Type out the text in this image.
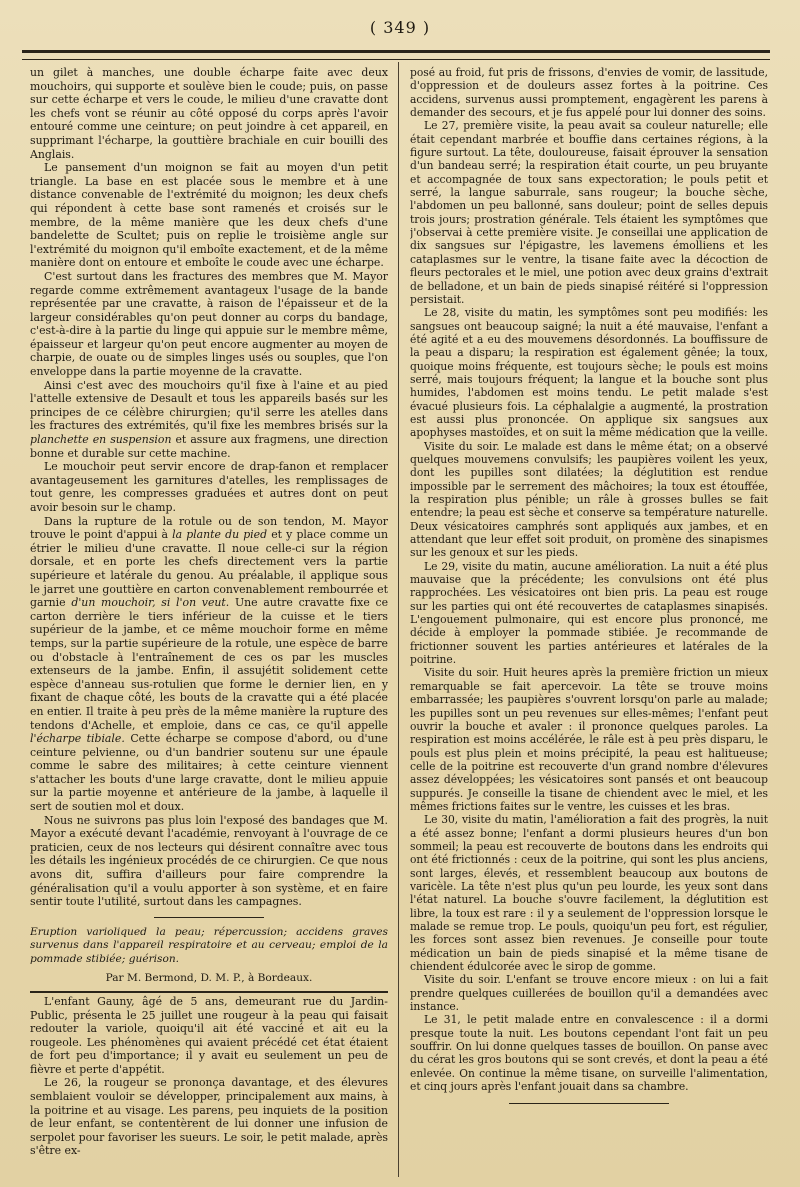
( 349 )

un gilet à manches, une double écharpe faite avec deux mouchoirs, qui supporte et soulève bien le coude; puis, on passe sur cette écharpe et vers le coude, le milieu d'une cravatte dont les chefs vont se réunir au côté opposé du corps après l'avoir entouré comme une ceinture; on peut joindre à cet appareil, en supprimant l'écharpe, la gouttière brachiale en cuir bouilli des Anglais.

Le pansement d'un moignon se fait au moyen d'un petit triangle. La base en est placée sous le membre et à une distance convenable de l'extrémité du moignon; les deux chefs qui répondent à cette base sont ramenés et croisés sur le membre, de la même manière que les deux chefs d'une bandelette de Scultet; puis on replie le troisième angle sur l'extrémité du moignon qu'il emboîte exactement, et de la même manière dont on entoure et emboîte le coude avec une écharpe.

C'est surtout dans les fractures des membres que M. Mayor regarde comme extrêmement avantageux l'usage de la bande représentée par une cravatte, à raison de l'épaisseur et de la largeur considérables qu'on peut donner au corps du bandage, c'est-à-dire à la partie du linge qui appuie sur le membre même, épaisseur et largeur qu'on peut encore augmenter au moyen de charpie, de ouate ou de simples linges usés ou souples, que l'on enveloppe dans la partie moyenne de la cravatte.

Ainsi c'est avec des mouchoirs qu'il fixe à l'aine et au pied l'attelle extensive de Desault et tous les appareils basés sur les principes de ce célèbre chirurgien; qu'il serre les atelles dans les fractures des extrémités, qu'il fixe les membres brisés sur la planchette en suspension et assure aux fragmens, une direction bonne et durable sur cette machine.

Le mouchoir peut servir encore de drap-fanon et remplacer avantageusement les garnitures d'atelles, les remplissages de tout genre, les compresses graduées et autres dont on peut avoir besoin sur le champ.

Dans la rupture de la rotule ou de son tendon, M. Mayor trouve le point d'appui à la plante du pied et y place comme un étrier le milieu d'une cravatte. Il noue celle-ci sur la région dorsale, et en porte les chefs directement vers la partie supérieure et latérale du genou. Au préalable, il applique sous le jarret une gouttière en carton convenablement rembourrée et garnie d'un mouchoir, si l'on veut. Une autre cravatte fixe ce carton derrière le tiers inférieur de la cuisse et le tiers supérieur de la jambe, et ce même mouchoir forme en même temps, sur la partie supérieure de la rotule, une espèce de barre ou d'obstacle à l'entraînement de ces os par les muscles extenseurs de la jambe. Enfin, il assujétit solidement cette espèce d'anneau sus-rotulien que forme le dernier lien, en y fixant de chaque côté, les bouts de la cravatte qui a été placée en entier. Il traite à peu près de la même manière la rupture des tendons d'Achelle, et emploie, dans ce cas, ce qu'il appelle l'écharpe tibiale. Cette écharpe se compose d'abord, ou d'une ceinture pelvienne, ou d'un bandrier soutenu sur une épaule comme le sabre des militaires; à cette ceinture viennent s'attacher les bouts d'une large cravatte, dont le milieu appuie sur la partie moyenne et antérieure de la jambe, à laquelle il sert de soutien mol et doux.

Nous ne suivrons pas plus loin l'exposé des bandages que M. Mayor a exécuté devant l'académie, renvoyant à l'ouvrage de ce praticien, ceux de nos lecteurs qui désirent connaître avec tous les détails les ingénieux procédés de ce chirurgien. Ce que nous avons dit, suffira d'ailleurs pour faire comprendre la généralisation qu'il a voulu apporter à son système, et en faire sentir toute l'utilité, surtout dans les campagnes.

Eruption varioliqued la peau; répercussion; accidens graves survenus dans l'appareil respiratoire et au cerveau; emploi de la pommade stibiée; guérison.

Par M. Bermond, D. M. P., à Bordeaux.

L'enfant Gauny, âgé de 5 ans, demeurant rue du Jardin-Public, présenta le 25 juillet une rougeur à la peau qui faisait redouter la variole, quoiqu'il ait été vacciné et ait eu la rougeole. Les phénomènes qui avaient précédé cet état étaient de fort peu d'importance; il y avait eu seulement un peu de fièvre et perte d'appétit.

Le 26, la rougeur se prononça davantage, et des élevures semblaient vouloir se développer, principalement aux mains, à la poitrine et au visage. Les parens, peu inquiets de la position de leur enfant, se contentèrent de lui donner une infusion de serpolet pour favoriser les sueurs. Le soir, le petit malade, après s'être ex-

posé au froid, fut pris de frissons, d'envies de vomir, de lassitude, d'oppression et de douleurs assez fortes à la poitrine. Ces accidens, survenus aussi promptement, engagèrent les parens à demander des secours, et je fus appelé pour lui donner des soins.

Le 27, première visite, la peau avait sa couleur naturelle; elle était cependant marbrée et bouffie dans certaines régions, à la figure surtout. La tête, douloureuse, faisait éprouver la sensation d'un bandeau serré; la respiration était courte, un peu bruyante et accompagnée de toux sans expectoration; le pouls petit et serré, la langue saburrale, sans rougeur; la bouche sèche, l'abdomen un peu ballonné, sans douleur; point de selles depuis trois jours; prostration générale. Tels étaient les symptômes que j'observai à cette première visite. Je conseillai une application de dix sangsues sur l'épigastre, les lavemens émolliens et les cataplasmes sur le ventre, la tisane faite avec la décoction de fleurs pectorales et le miel, une potion avec deux grains d'extrait de belladone, et un bain de pieds sinapisé réitéré si l'oppression persistait.

Le 28, visite du matin, les symptômes sont peu modifiés: les sangsues ont beaucoup saigné; la nuit a été mauvaise, l'enfant a été agité et a eu des mouvemens désordonnés. La bouffissure de la peau a disparu; la respiration est également gênée; la toux, quoique moins fréquente, est toujours sèche; le pouls est moins serré, mais toujours fréquent; la langue et la bouche sont plus humides, l'abdomen est moins tendu. Le petit malade s'est évacué plusieurs fois. La céphalalgie a augmenté, la prostration est aussi plus prononcée. On applique six sangsues aux apophyses mastoïdes, et on suit la même médication que la veille.

Visite du soir. Le malade est dans le même état; on a observé quelques mouvemens convulsifs; les paupières voilent les yeux, dont les pupilles sont dilatées; la déglutition est rendue impossible par le serrement des mâchoires; la toux est étouffée, la respiration plus pénible; un râle à grosses bulles se fait entendre; la peau est sèche et conserve sa température naturelle. Deux vésicatoires camphrés sont appliqués aux jambes, et en attendant que leur effet soit produit, on promène des sinapismes sur les genoux et sur les pieds.

Le 29, visite du matin, aucune amélioration. La nuit a été plus mauvaise que la précédente; les convulsions ont été plus rapprochées. Les vésicatoires ont bien pris. La peau est rouge sur les parties qui ont été recouvertes de cataplasmes sinapisés. L'engouement pulmonaire, qui est encore plus prononcé, me décide à employer la pommade stibiée. Je recommande de frictionner souvent les parties antérieures et latérales de la poitrine.

Visite du soir. Huit heures après la première friction un mieux remarquable se fait apercevoir. La tête se trouve moins embarrassée; les paupières s'ouvrent lorsqu'on parle au malade; les pupilles sont un peu revenues sur elles-mêmes; l'enfant peut ouvrir la bouche et avaler : il prononce quelques paroles. La respiration est moins accélérée, le râle est à peu près disparu, le pouls est plus plein et moins précipité, la peau est halitueuse; celle de la poitrine est recouverte d'un grand nombre d'élevures assez développées; les vésicatoires sont pansés et ont beaucoup suppurés. Je conseille la tisane de chiendent avec le miel, et les mêmes frictions faites sur le ventre, les cuisses et les bras.

Le 30, visite du matin, l'amélioration a fait des progrès, la nuit a été assez bonne; l'enfant a dormi plusieurs heures d'un bon sommeil; la peau est recouverte de boutons dans les endroits qui ont été frictionnés : ceux de la poitrine, qui sont les plus anciens, sont larges, élevés, et ressemblent beaucoup aux boutons de varicèle. La tête n'est plus qu'un peu lourde, les yeux sont dans l'état naturel. La bouche s'ouvre facilement, la déglutition est libre, la toux est rare : il y a seulement de l'oppression lorsque le malade se remue trop. Le pouls, quoiqu'un peu fort, est régulier, les forces sont assez bien revenues. Je conseille pour toute médication un bain de pieds sinapisé et la même tisane de chiendent édulcorée avec le sirop de gomme.

Visite du soir. L'enfant se trouve encore mieux : on lui a fait prendre quelques cuillerées de bouillon qu'il a demandées avec instance.

Le 31, le petit malade entre en convalescence : il a dormi presque toute la nuit. Les boutons cependant l'ont fait un peu souffrir. On lui donne quelques tasses de bouillon. On panse avec du cérat les gros boutons qui se sont crevés, et dont la peau a été enlevée. On continue la même tisane, on surveille l'alimentation, et cinq jours après l'enfant jouait dans sa chambre.
